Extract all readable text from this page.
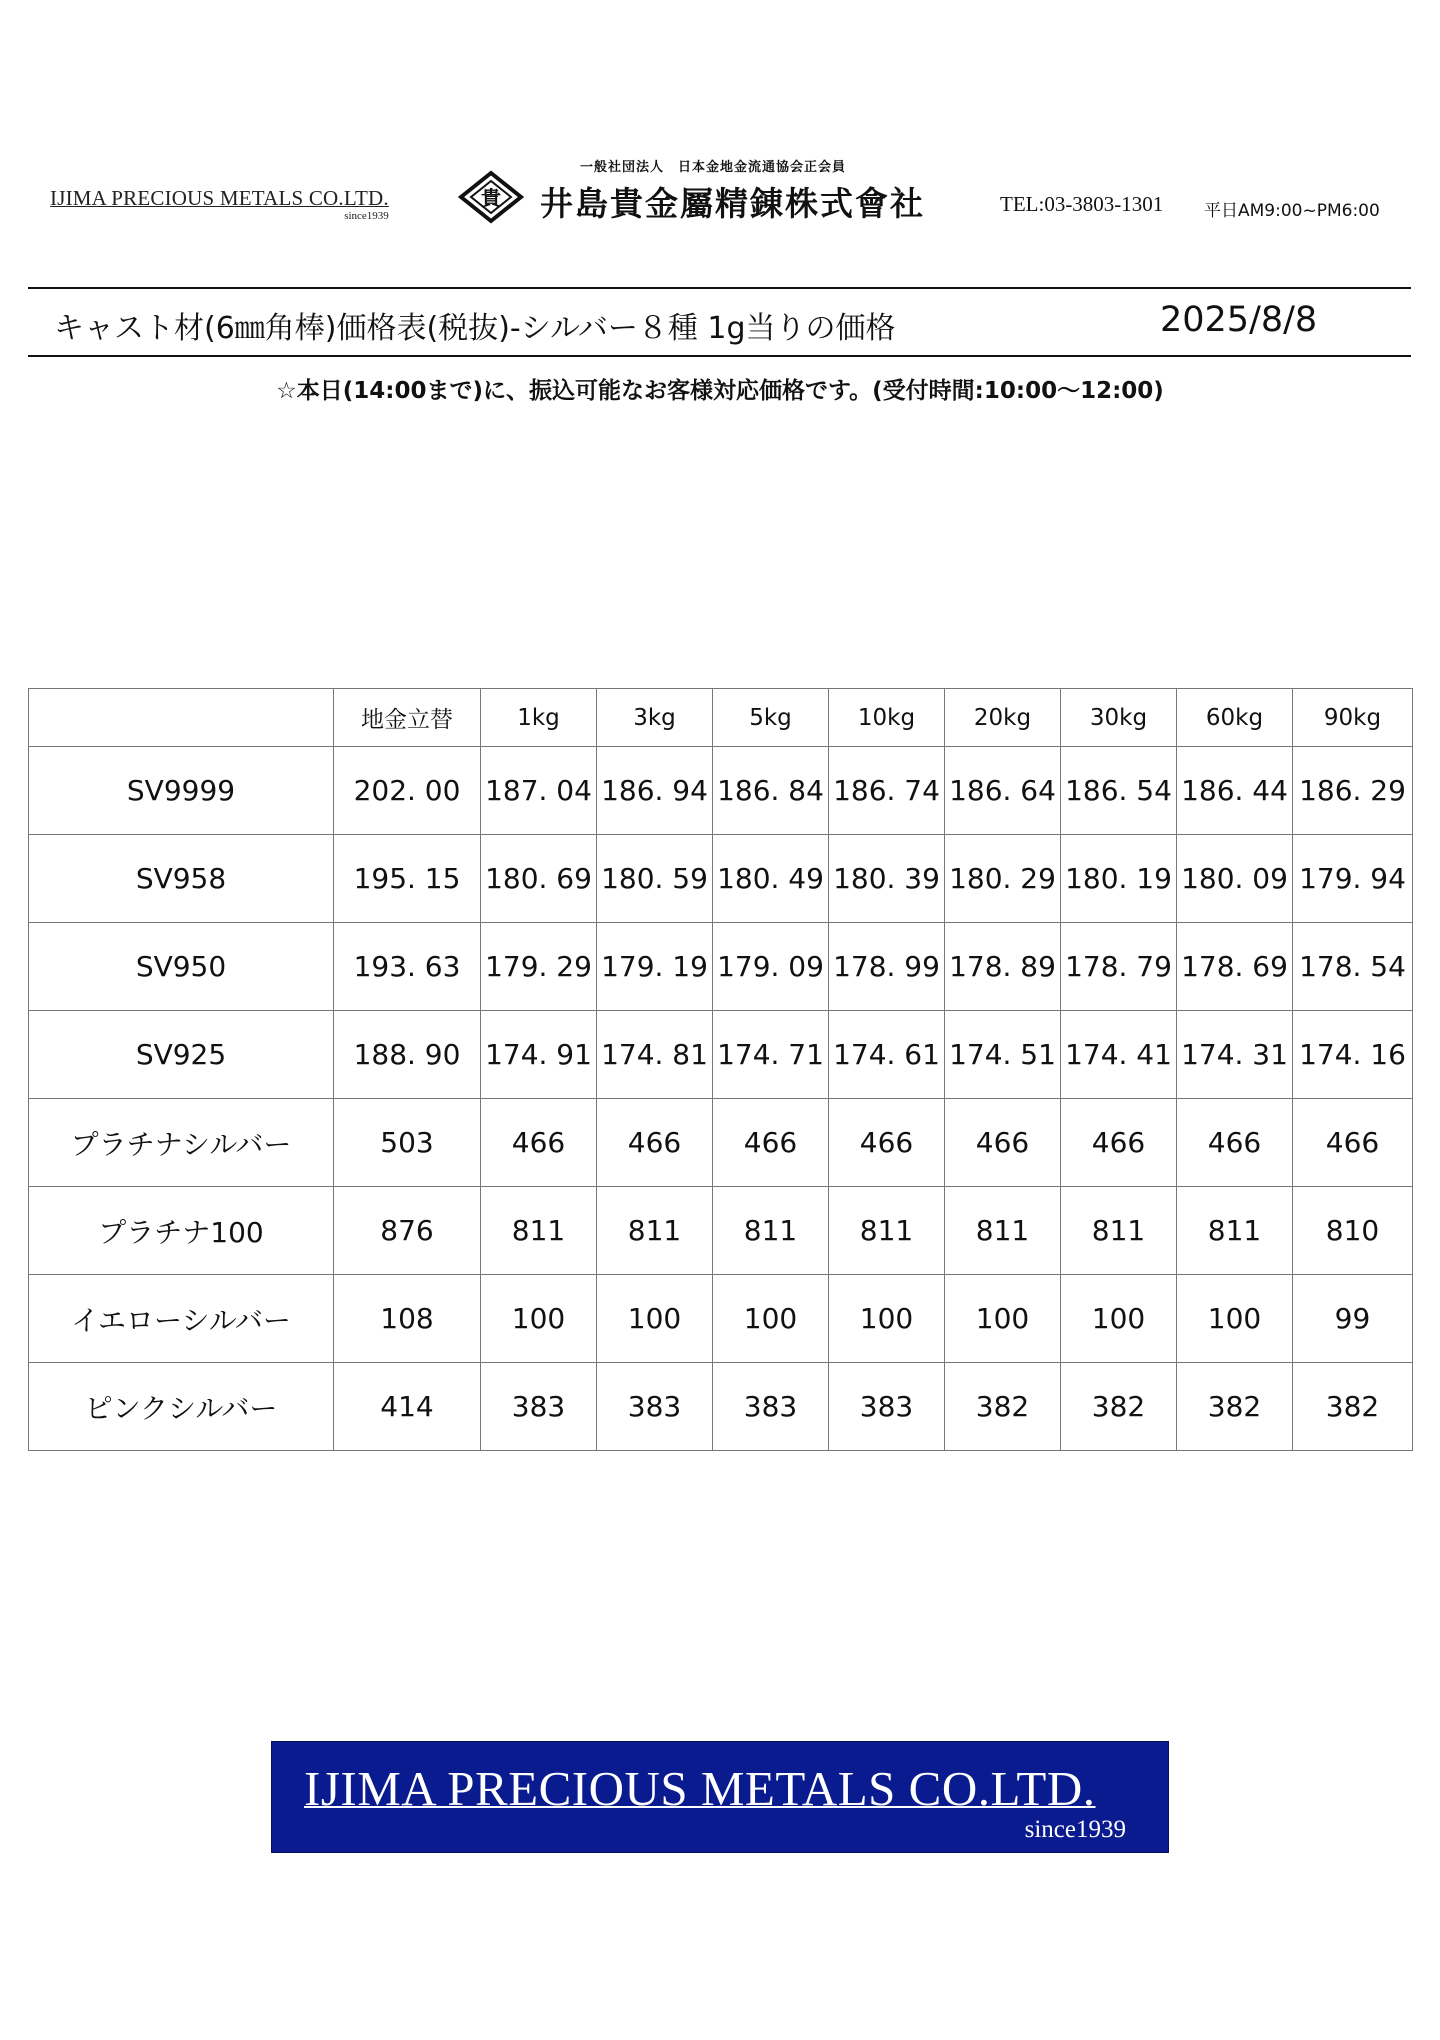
IJIMA PRECIOUS METALS CO.LTD.
since1939
一般社団法人　日本金地金流通協会正会員
貴 井島貴金屬精錬株式會社	TEL:03-3803-1301 平日AM9:00~PM6:00
キャスト材(6㎜角棒)価格表(税抜)-シルバー８種 1g当りの価格	2025/8/8
☆本日(14:00まで)に、振込可能なお客様対応価格です。(受付時間:10:00～12:00)
	地金立替	1kg	3kg	5kg	10kg	20kg	30kg	60kg	90kg
SV9999	202. 00	187. 04	186. 94	186. 84	186. 74	186. 64	186. 54	186. 44	186. 29
SV958	195. 15	180. 69	180. 59	180. 49	180. 39	180. 29	180. 19	180. 09	179. 94
SV950	193. 63	179. 29	179. 19	179. 09	178. 99	178. 89	178. 79	178. 69	178. 54
SV925	188. 90	174. 91	174. 81	174. 71	174. 61	174. 51	174. 41	174. 31	174. 16
プラチナシルバー	503	466	466	466	466	466	466	466	466
プラチナ100	876	811	811	811	811	811	811	811	810
イエローシルバー	108	100	100	100	100	100	100	100	99
ピンクシルバー	414	383	383	383	383	382	382	382	382
IJIMA PRECIOUS METALS CO.LTD.
since1939
